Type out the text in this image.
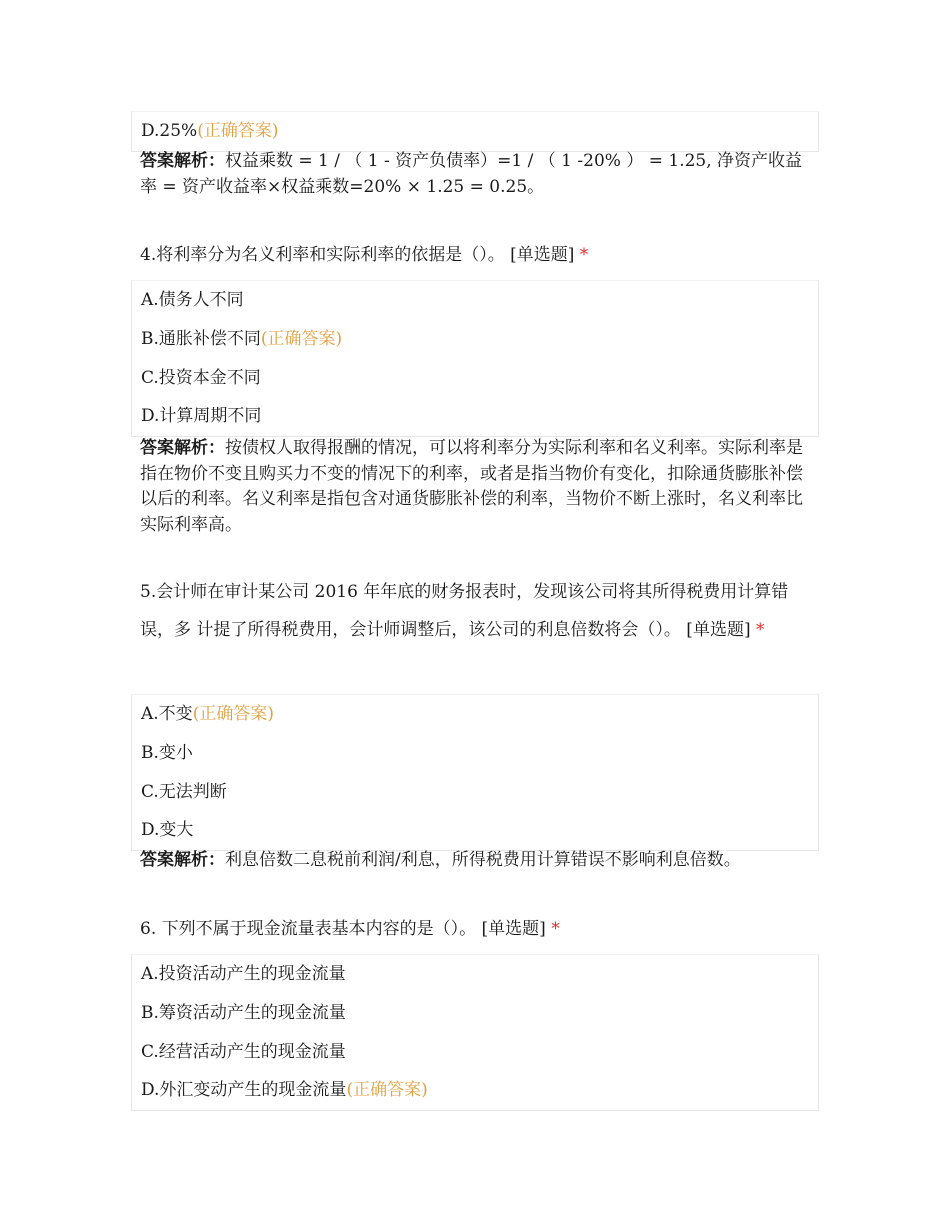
D.25%(正确答案)
答案解析：权益乘数 = 1 / （ 1 - 资产负债率）=1 / （ 1 -20% ） = 1.25, 净资产收益率 = 资产收益率×权益乘数=20% × 1.25 = 0.25。
4.将利率分为名义利率和实际利率的依据是（）。 [单选题] *
A.债务人不同
B.通胀补偿不同(正确答案)
C.投资本金不同
D.计算周期不同
答案解析：按债权人取得报酬的情况，可以将利率分为实际利率和名义利率。实际利率是指在物价不变且购买力不变的情况下的利率，或者是指当物价有变化，扣除通货膨胀补偿以后的利率。名义利率是指包含对通货膨胀补偿的利率，当物价不断上涨时，名义利率比实际利率高。
5.会计师在审计某公司 2016 年年底的财务报表时，发现该公司将其所得税费用计算错误，多 计提了所得税费用，会计师调整后，该公司的利息倍数将会（）。 [单选题] *
A.不变(正确答案)
B.变小
C.无法判断
D.变大
答案解析：利息倍数二息税前利润/利息，所得税费用计算错误不影响利息倍数。
6. 下列不属于现金流量表基本内容的是（）。 [单选题] *
A.投资活动产生的现金流量
B.筹资活动产生的现金流量
C.经营活动产生的现金流量
D.外汇变动产生的现金流量(正确答案)
